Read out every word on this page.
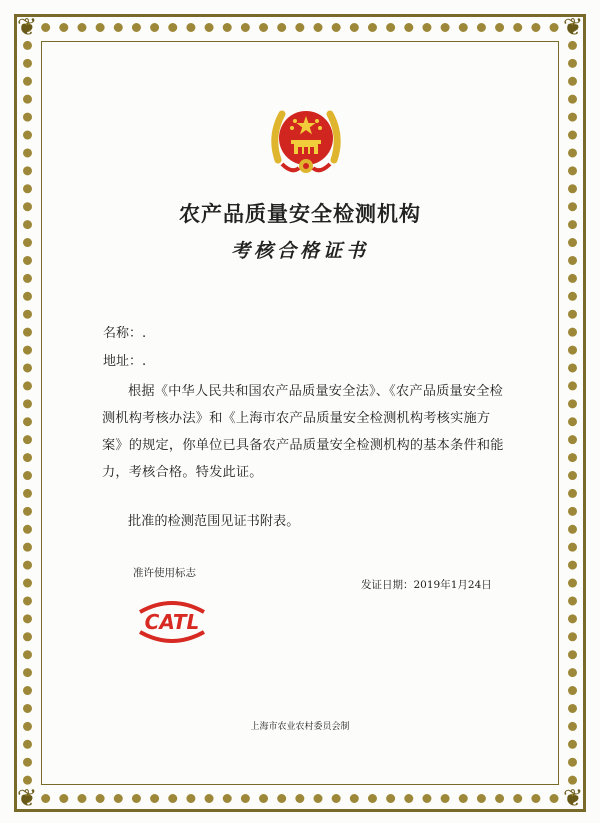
❦	❦
❦	❦
农产品质量安全检测机构
考核合格证书
名称：.
地址：.
根据《中华人民共和国农产品质量安全法》、《农产品质量安全检测机构考核办法》和《上海市农产品质量安全检测机构考核实施方案》的规定，你单位已具备农产品质量安全检测机构的基本条件和能力，考核合格。特发此证。
批准的检测范围见证书附表。
准许使用标志
发证日期：2019年1月24日
CATL
上海市农业农村委员会制
